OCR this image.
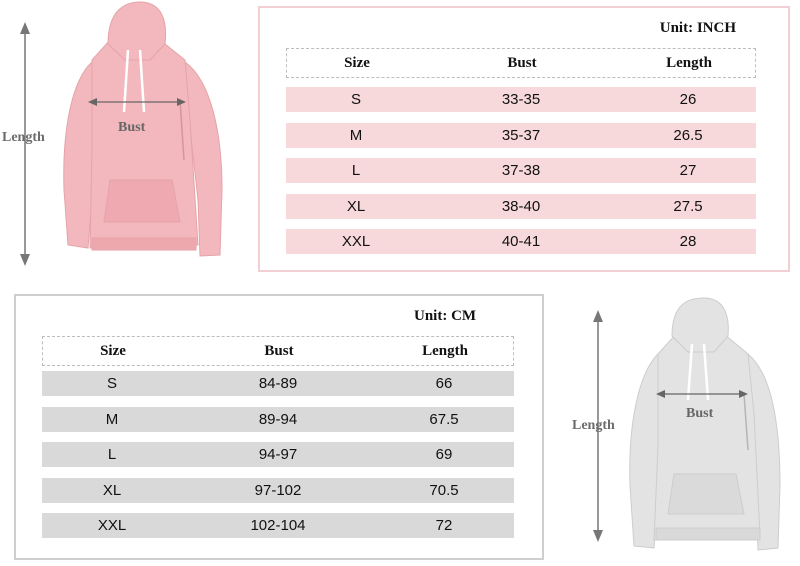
Length
Bust
Unit: INCH
Size	Bust	Length
S	33-35	26
M	35-37	26.5
L	37-38	27
XL	38-40	27.5
XXL	40-41	28
Unit: CM
Size	Bust	Length
S	84-89	66
M	89-94	67.5
L	94-97	69
XL	97-102	70.5
XXL	102-104	72
Length
Bust
